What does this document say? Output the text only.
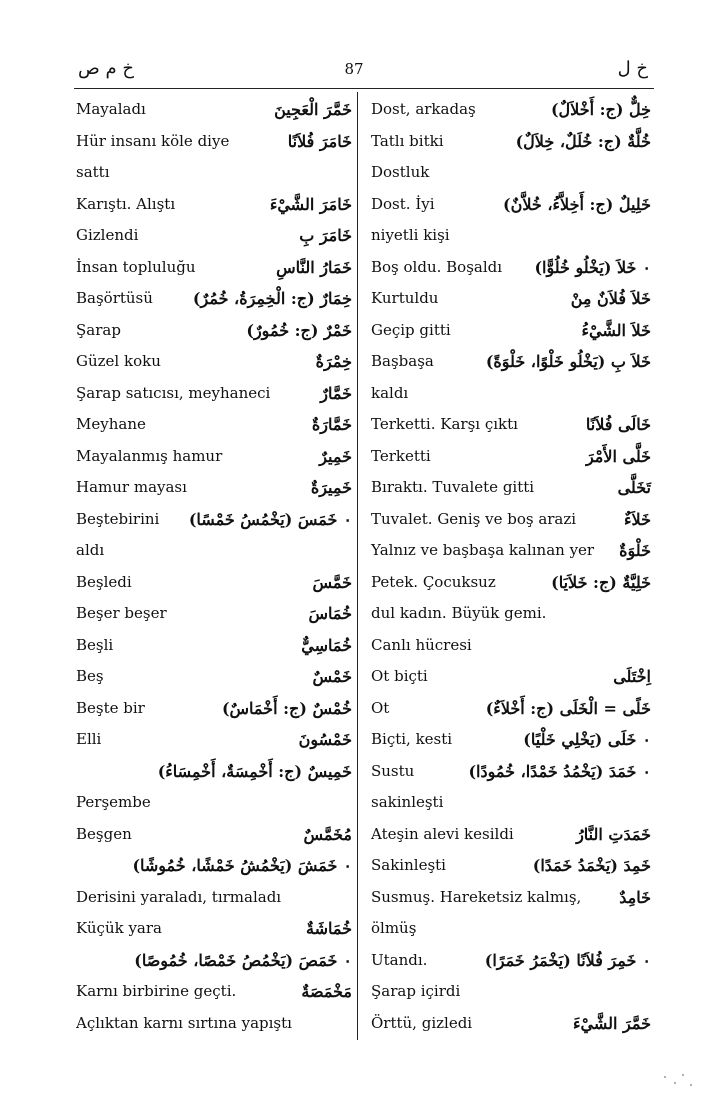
خ م ص	87	خ ل
Mayaladı	خَمَّرَ الْعَجِينَ
Hür insanı köle diye	خَامَرَ فُلاَنًا
sattı
Karıştı. Alıştı	خَامَرَ الشَّيْءَ
Gizlendi	خَامَرَ بِ
İnsan topluluğu	خَمَارُ النَّاسِ
Başörtüsü	خِمَارٌ (ج: الْخِمِرَةُ، خُمُرٌ)
Şarap	خَمْرٌ (ج: خُمُورٌ)
Güzel koku	خِمْرَةٌ
Şarap satıcısı, meyhaneci	خَمَّارٌ
Meyhane	خَمَّارَةٌ
Mayalanmış hamur	خَمِيرٌ
Hamur mayası	خَمِيرَةٌ
Beştebirini	۰خَمَسَ (يَخْمُسُ خَمْسًا)
aldı
Beşledi	خَمَّسَ
Beşer beşer	خُمَاسَ
Beşli	خُمَاسِيٌّ
Beş	خَمْسٌ
Beşte bir	خُمْسٌ (ج: أَخْمَاسٌ)
Elli	خَمْسُونَ
خَمِيسٌ (ج: أَخْمِسَةٌ، أَخْمِسَاءُ)
Perşembe
Beşgen	مُخَمَّسٌ
۰خَمَشَ (يَخْمُشُ خَمْشًا، خُمُوشًا)
Derisini yaraladı, tırmaladı
Küçük yara	خُمَاشَةٌ
۰خَمَصَ (يَخْمُصُ خَمْصًا، خُمُوصًا)
Karnı birbirine geçti.	مَخْمَصَةٌ
Açlıktan karnı sırtına yapıştı
Dost, arkadaş	خِلٌّ (ج: أَخْلاَلٌ)
Tatlı bitki	خُلَّةٌ (ج: خُلَلٌ، خِلاَلٌ)
Dostluk
Dost. İyi	خَلِيلٌ (ج: أَخِلاَّءُ، خُلاَّنٌ)
niyetli kişi
Boş oldu. Boşaldı	۰خَلاَ (يَخْلُو خُلُوًّا)
Kurtuldu	خَلاَ فُلاَنٌ مِنْ
Geçip gitti	خَلاَ الشَّيْءُ
Başbaşa	خَلاَ بِ (يَخْلُو خَلْوًا، خَلْوَةً)
kaldı
Terketti. Karşı çıktı	خَالَى فُلاَنًا
Terketti	خَلَّى الأَمْرَ
Bıraktı. Tuvalete gitti	تَخَلَّى
Tuvalet. Geniş ve boş arazi	خَلاَءٌ
Yalnız ve başbaşa kalınan yer خَلْوَةٌ
Petek. Çocuksuz	خَلِيَّةٌ (ج: خَلاَيَا)
dul kadın. Büyük gemi.
Canlı hücresi
Ot biçti	اِخْتَلَى
Ot	خَلًى = الْخَلَى (ج: أَخْلاَءٌ)
Biçti, kesti	۰خَلَى (يَخْلِي خَلْيًا)
Sustu	۰خَمَدَ (يَخْمُدُ خَمْدًا، خُمُودًا)
sakinleşti
Ateşin alevi kesildi	خَمَدَتِ النَّارُ
Sakinleşti	خَمِدَ (يَخْمَدُ خَمَدًا)
Susmuş. Hareketsiz kalmış, خَامِدٌ
ölmüş
Utandı.	۰خَمِرَ فُلاَنًا (يَخْمَرُ خَمَرًا)
Şarap içirdi
Örttü, gizledi	خَمَّرَ الشَّيْءَ
